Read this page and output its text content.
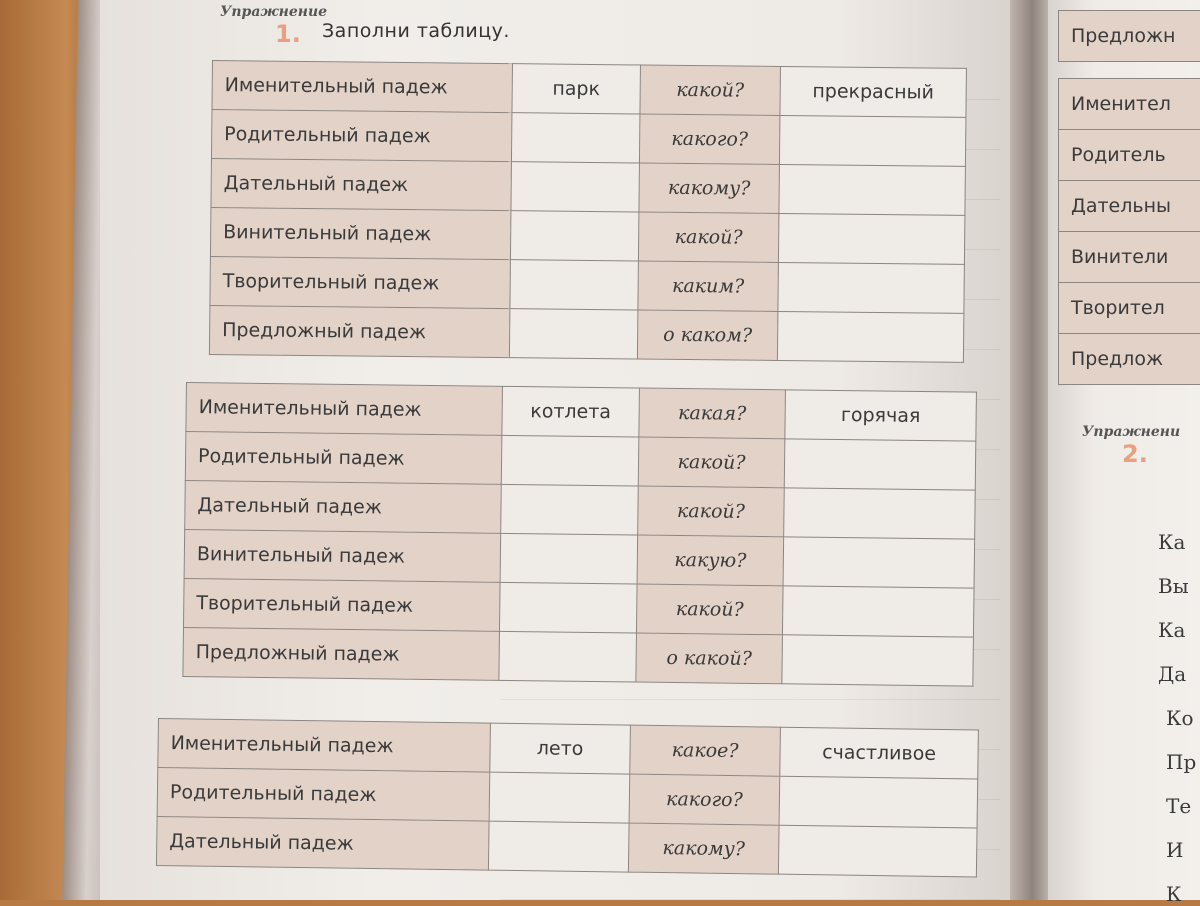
Упражнение
1. Заполни таблицу.
Именительный падеж	парк	какой?	прекрасный
Родительный падеж		какого?	
Дательный падеж		какому?	
Винительный падеж		какой?	
Творительный падеж		каким?	
Предложный падеж		о каком?	
Именительный падеж	котлета	какая?	горячая
Родительный падеж		какой?	
Дательный падеж		какой?	
Винительный падеж		какую?	
Творительный падеж		какой?	
Предложный падеж		о какой?	
Именительный падеж	лето	какое?	счастливое
Родительный падеж		какого?	
Дательный падеж		какому?	
Предложн
Именител
Родитель
Дательны
Винители
Творител
Предлож
Упражнени
2.
Ка
Вы
Ка
Да
Ко
Пр
Те
И
К
